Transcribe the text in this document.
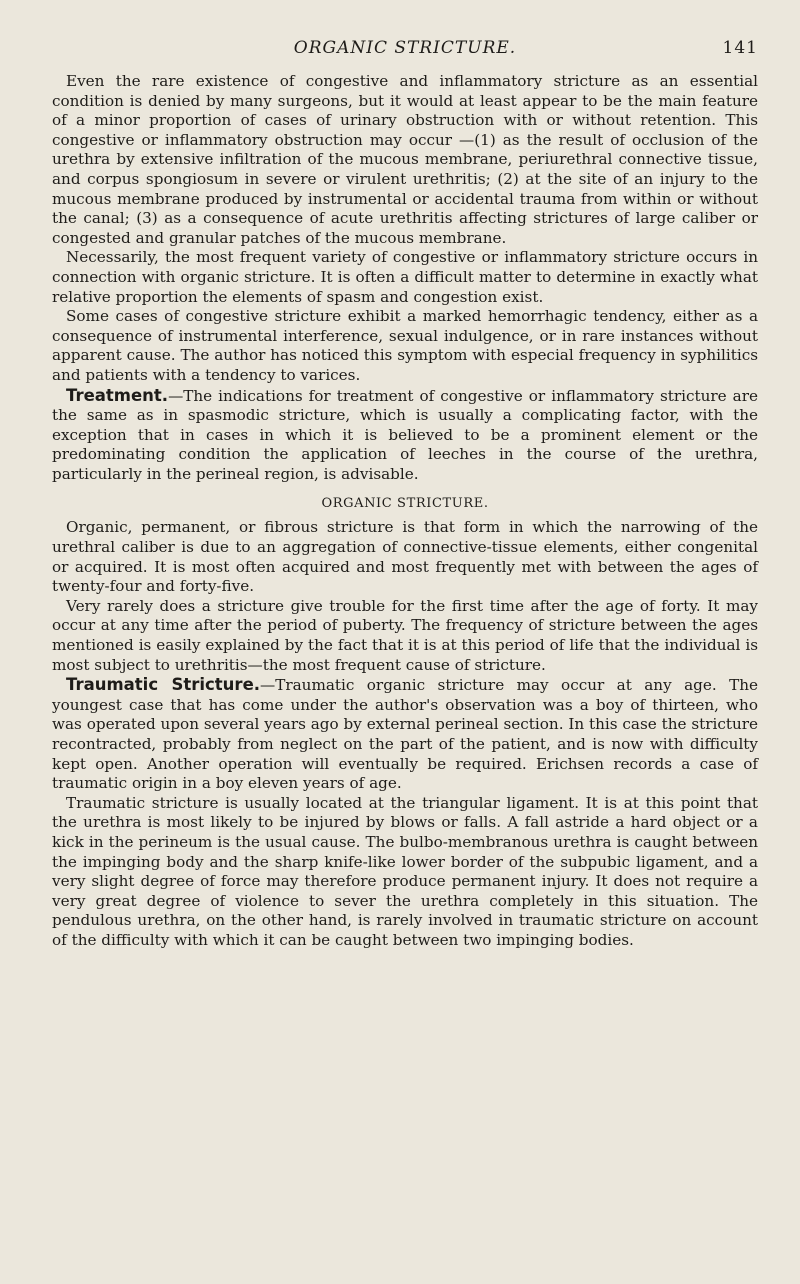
ORGANIC STRICTURE.	141

Even the rare existence of congestive and inflammatory stricture as an essential condition is denied by many surgeons, but it would at least appear to be the main feature of a minor proportion of cases of urinary obstruction with or without retention. This congestive or inflammatory obstruction may occur —(1) as the result of occlusion of the urethra by extensive infiltration of the mucous membrane, periurethral connective tissue, and corpus spongiosum in severe or virulent urethritis; (2) at the site of an injury to the mucous membrane produced by instrumental or accidental trauma from within or without the canal; (3) as a consequence of acute urethritis affecting strictures of large caliber or congested and granular patches of the mucous membrane.

Necessarily, the most frequent variety of congestive or inflammatory stricture occurs in connection with organic stricture. It is often a difficult matter to determine in exactly what relative proportion the elements of spasm and congestion exist.

Some cases of congestive stricture exhibit a marked hemorrhagic tendency, either as a consequence of instrumental interference, sexual indulgence, or in rare instances without apparent cause. The author has noticed this symptom with especial frequency in syphilitics and patients with a tendency to varices.

Treatment.—The indications for treatment of congestive or inflammatory stricture are the same as in spasmodic stricture, which is usually a complicating factor, with the exception that in cases in which it is believed to be a prominent element or the predominating condition the application of leeches in the course of the urethra, particularly in the perineal region, is advisable.

ORGANIC STRICTURE.

Organic, permanent, or fibrous stricture is that form in which the narrowing of the urethral caliber is due to an aggregation of connective-tissue elements, either congenital or acquired. It is most often acquired and most frequently met with between the ages of twenty-four and forty-five.

Very rarely does a stricture give trouble for the first time after the age of forty. It may occur at any time after the period of puberty. The frequency of stricture between the ages mentioned is easily explained by the fact that it is at this period of life that the individual is most subject to urethritis—the most frequent cause of stricture.

Traumatic Stricture.—Traumatic organic stricture may occur at any age. The youngest case that has come under the author's observation was a boy of thirteen, who was operated upon several years ago by external perineal section. In this case the stricture recontracted, probably from neglect on the part of the patient, and is now with difficulty kept open. Another operation will eventually be required. Erichsen records a case of traumatic origin in a boy eleven years of age.

Traumatic stricture is usually located at the triangular ligament. It is at this point that the urethra is most likely to be injured by blows or falls. A fall astride a hard object or a kick in the perineum is the usual cause. The bulbo-membranous urethra is caught between the impinging body and the sharp knife-like lower border of the subpubic ligament, and a very slight degree of force may therefore produce permanent injury. It does not require a very great degree of violence to sever the urethra completely in this situation. The pendulous urethra, on the other hand, is rarely involved in traumatic stricture on account of the difficulty with which it can be caught between two impinging bodies.
